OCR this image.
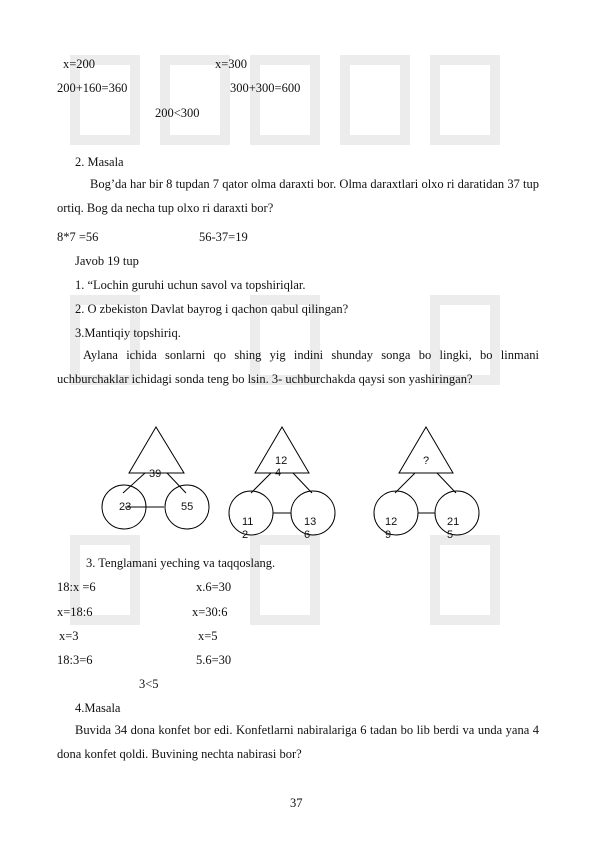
x=200	x=300
200+160=360	300+300=600
200<300
2. Masala
Bog’da har bir 8 tupdan 7 qator olma daraxti bor. Olma daraxtlari olxo ri daratidan 37 tup ortiq. Bog da necha tup olxo ri daraxti bor?
8*7 =56	56-37=19
Javob 19 tup
1. “Lochin guruhi uchun savol va topshiriqlar.
2. O zbekiston Davlat bayrog i qachon qabul qilingan?
3.Mantiqiy topshiriq.
Aylana ichida sonlarni qo shing yig indini shunday songa bo lingki, bo linmani uchburchaklar ichidagi sonda teng bo lsin. 3- uchburchakda qaysi son yashiringan?
39
23	55
12
4
11
2
13
6
?
12
9
21
5
3. Tenglamani yeching va taqqoslang.
18:x =6	x.6=30
x=18:6	x=30:6
x=3	x=5
18:3=6	5.6=30
3<5
4.Masala
Buvida 34 dona konfet bor edi. Konfetlarni nabiralariga 6 tadan bo lib berdi va unda yana 4 dona konfet qoldi. Buvining nechta nabirasi bor?
37
